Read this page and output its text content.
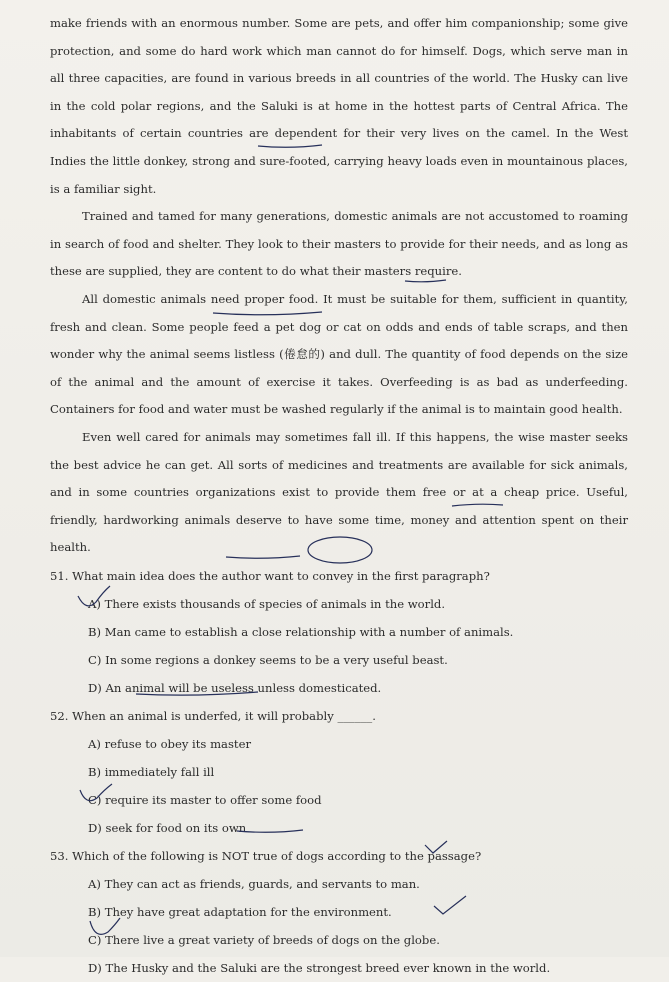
make friends with an enormous number. Some are pets, and offer him companionship; some give protection, and some do hard work which man cannot do for himself. Dogs, which serve man in all three capacities, are found in various breeds in all countries of the world. The Husky can live in the cold polar regions, and the Saluki is at home in the hottest parts of Central Africa. The inhabitants of certain countries are dependent for their very lives on the camel. In the West Indies the little donkey, strong and sure-footed, carrying heavy loads even in mountainous places, is a familiar sight.

Trained and tamed for many generations, domestic animals are not accustomed to roaming in search of food and shelter. They look to their masters to provide for their needs, and as long as these are supplied, they are content to do what their masters require.

All domestic animals need proper food. It must be suitable for them, sufficient in quantity, fresh and clean. Some people feed a pet dog or cat on odds and ends of table scraps, and then wonder why the animal seems listless (倦怠的) and dull. The quantity of food depends on the size of the animal and the amount of exercise it takes. Overfeeding is as bad as underfeeding. Containers for food and water must be washed regularly if the animal is to maintain good health.

Even well cared for animals may sometimes fall ill. If this happens, the wise master seeks the best advice he can get. All sorts of medicines and treatments are available for sick animals, and in some countries organizations exist to provide them free or at a cheap price. Useful, friendly, hardworking animals deserve to have some time, money and attention spent on their health.

51. What main idea does the author want to convey in the first paragraph?

A) There exists thousands of species of animals in the world.

B) Man came to establish a close relationship with a number of animals.

C) In some regions a donkey seems to be a very useful beast.

D) An animal will be useless unless domesticated.

52. When an animal is underfed, it will probably ______.

A) refuse to obey its master

B) immediately fall ill

C) require its master to offer some food

D) seek for food on its own

53. Which of the following is NOT true of dogs according to the passage?

A) They can act as friends, guards, and servants to man.

B) They have great adaptation for the environment.

C) There live a great variety of breeds of dogs on the globe.

D) The Husky and the Saluki are the strongest breed ever known in the world.
